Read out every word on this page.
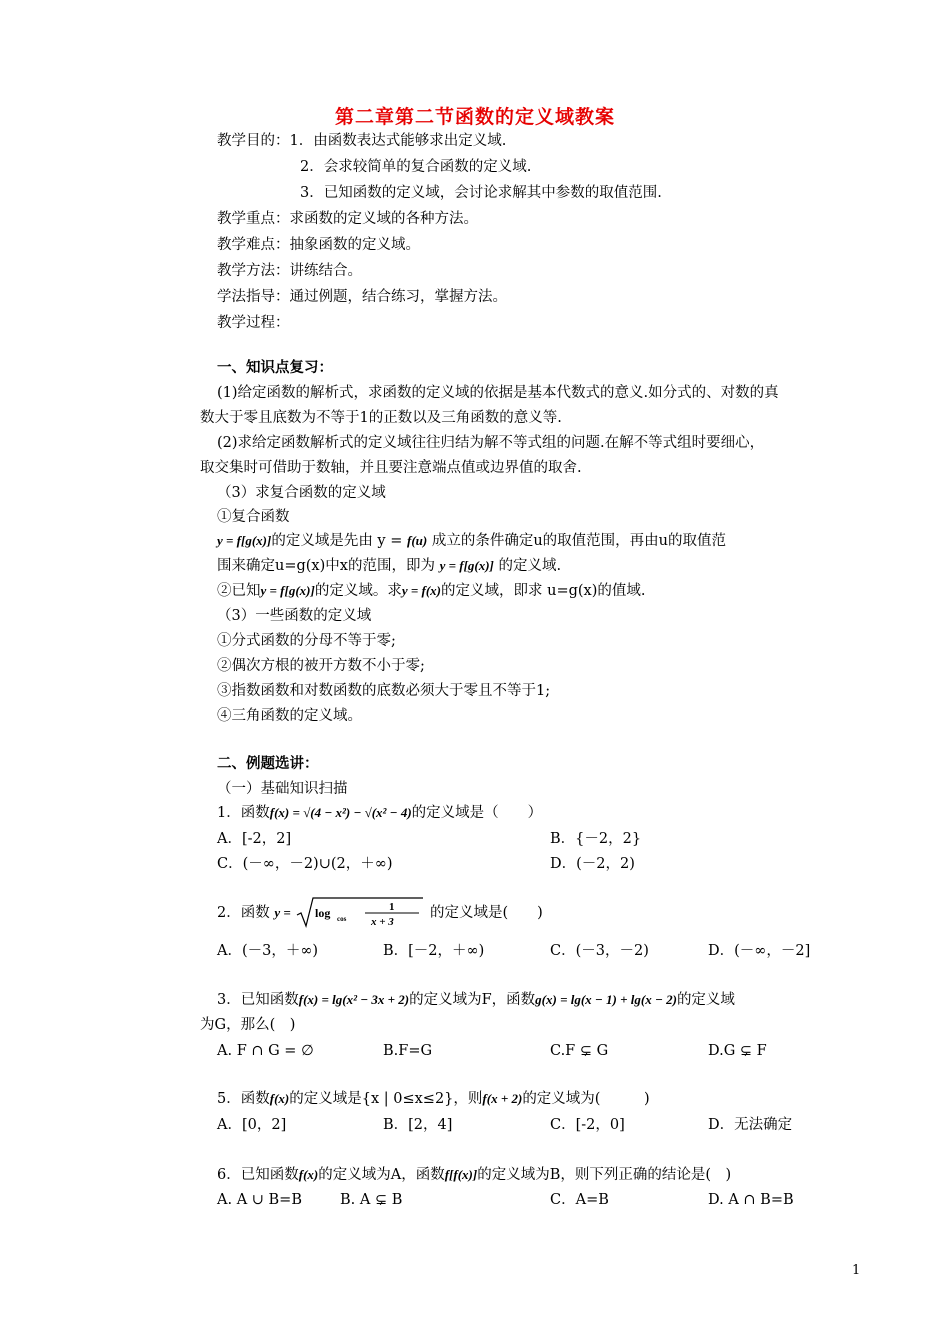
第二章第二节函数的定义域教案
教学目的：1．由函数表达式能够求出定义域.
2．会求较简单的复合函数的定义域.
3．已知函数的定义域，会讨论求解其中参数的取值范围.
教学重点：求函数的定义域的各种方法。
教学难点：抽象函数的定义域。
教学方法：讲练结合。
学法指导：通过例题，结合练习，掌握方法。
教学过程：
一、知识点复习：
(1)给定函数的解析式，求函数的定义域的依据是基本代数式的意义.如分式的、对数的真
数大于零且底数为不等于1的正数以及三角函数的意义等.
(2)求给定函数解析式的定义域往往归结为解不等式组的问题.在解不等式组时要细心，
取交集时可借助于数轴，并且要注意端点值或边界值的取舍.
（3）求复合函数的定义域
①复合函数
y = f[g(x)]的定义域是先由 y = f(u) 成立的条件确定u的取值范围，再由u的取值范
围来确定u=g(x)中x的范围，即为 y = f[g(x)] 的定义域.
②已知y = f[g(x)]的定义域。求y = f(x)的定义域，即求 u=g(x)的值域.
（3）一些函数的定义域
①分式函数的分母不等于零;
②偶次方根的被开方数不小于零;
③指数函数和对数函数的底数必须大于零且不等于1;
④三角函数的定义域。
二、例题选讲：
（一）基础知识扫描
1．函数f(x) = √(4 − x²) − √(x² − 4)的定义域是（　　）
A．[-2，2]	B．{－2，2}
C．(－∞，－2)∪(2，＋∞)	D．(－2，2)
2．函数 y = log cos
1
x + 3
的定义域是(　　)
A．(－3，＋∞)	B．[－2，＋∞)	C．(－3，－2)	D．(－∞，－2]
3．已知函数f(x) = lg(x² − 3x + 2)的定义域为F，函数g(x) = lg(x − 1) + lg(x − 2)的定义域
为G，那么(　)
A. F ∩ G = ∅	B.F=G	C.F ⊊ G	D.G ⊊ F
5．函数f(x)的定义域是{x | 0≤x≤2}，则f(x + 2)的定义域为(　　　)
A．[0，2]	B．[2，4]	C．[-2，0]	D．无法确定
6．已知函数f(x)的定义域为A，函数f[f(x)]的定义域为B，则下列正确的结论是(　)
A. A ∪ B=B	B. A ⊊ B	C．A=B	D. A ∩ B=B
1
